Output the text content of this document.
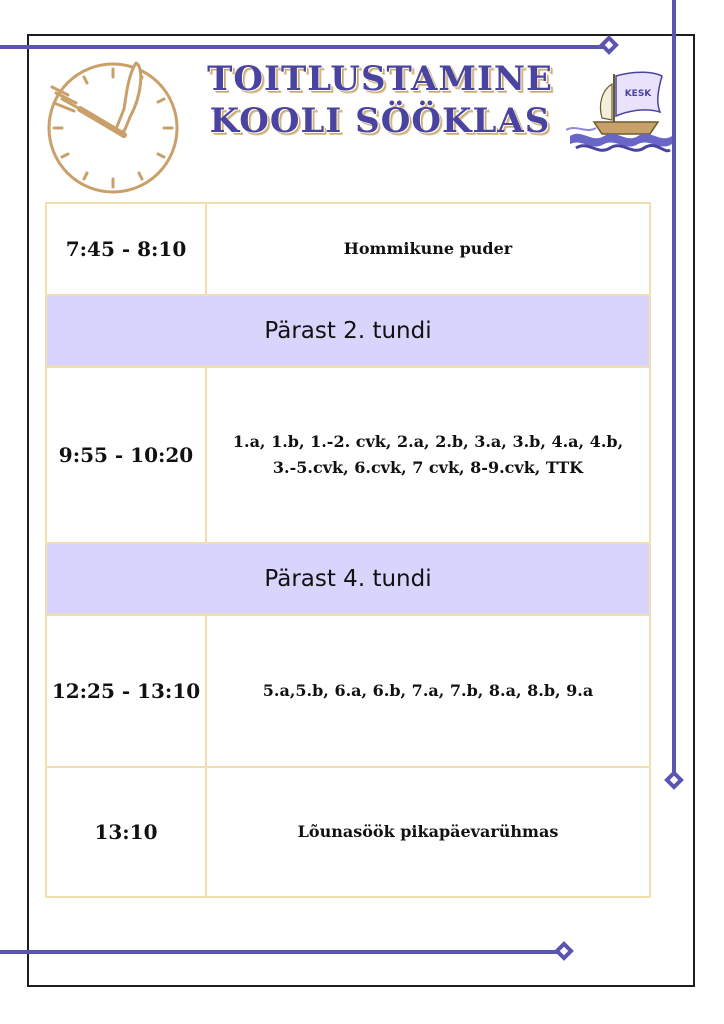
TOITLUSTAMINE
KOOLI SÖÖKLAS
KESK
7:45 - 8:10	Hommikune puder
Pärast 2. tundi	
9:55 - 10:20	1.a, 1.b, 1.-2. cvk, 2.a, 2.b, 3.a, 3.b, 4.a, 4.b,
3.-5.cvk, 6.cvk, 7 cvk, 8-9.cvk, TTK

Pärast 4. tundi	
12:25 - 13:10	5.a,5.b, 6.a, 6.b, 7.a, 7.b, 8.a, 8.b, 9.a
13:10	Lõunasöök pikapäevarühmas
